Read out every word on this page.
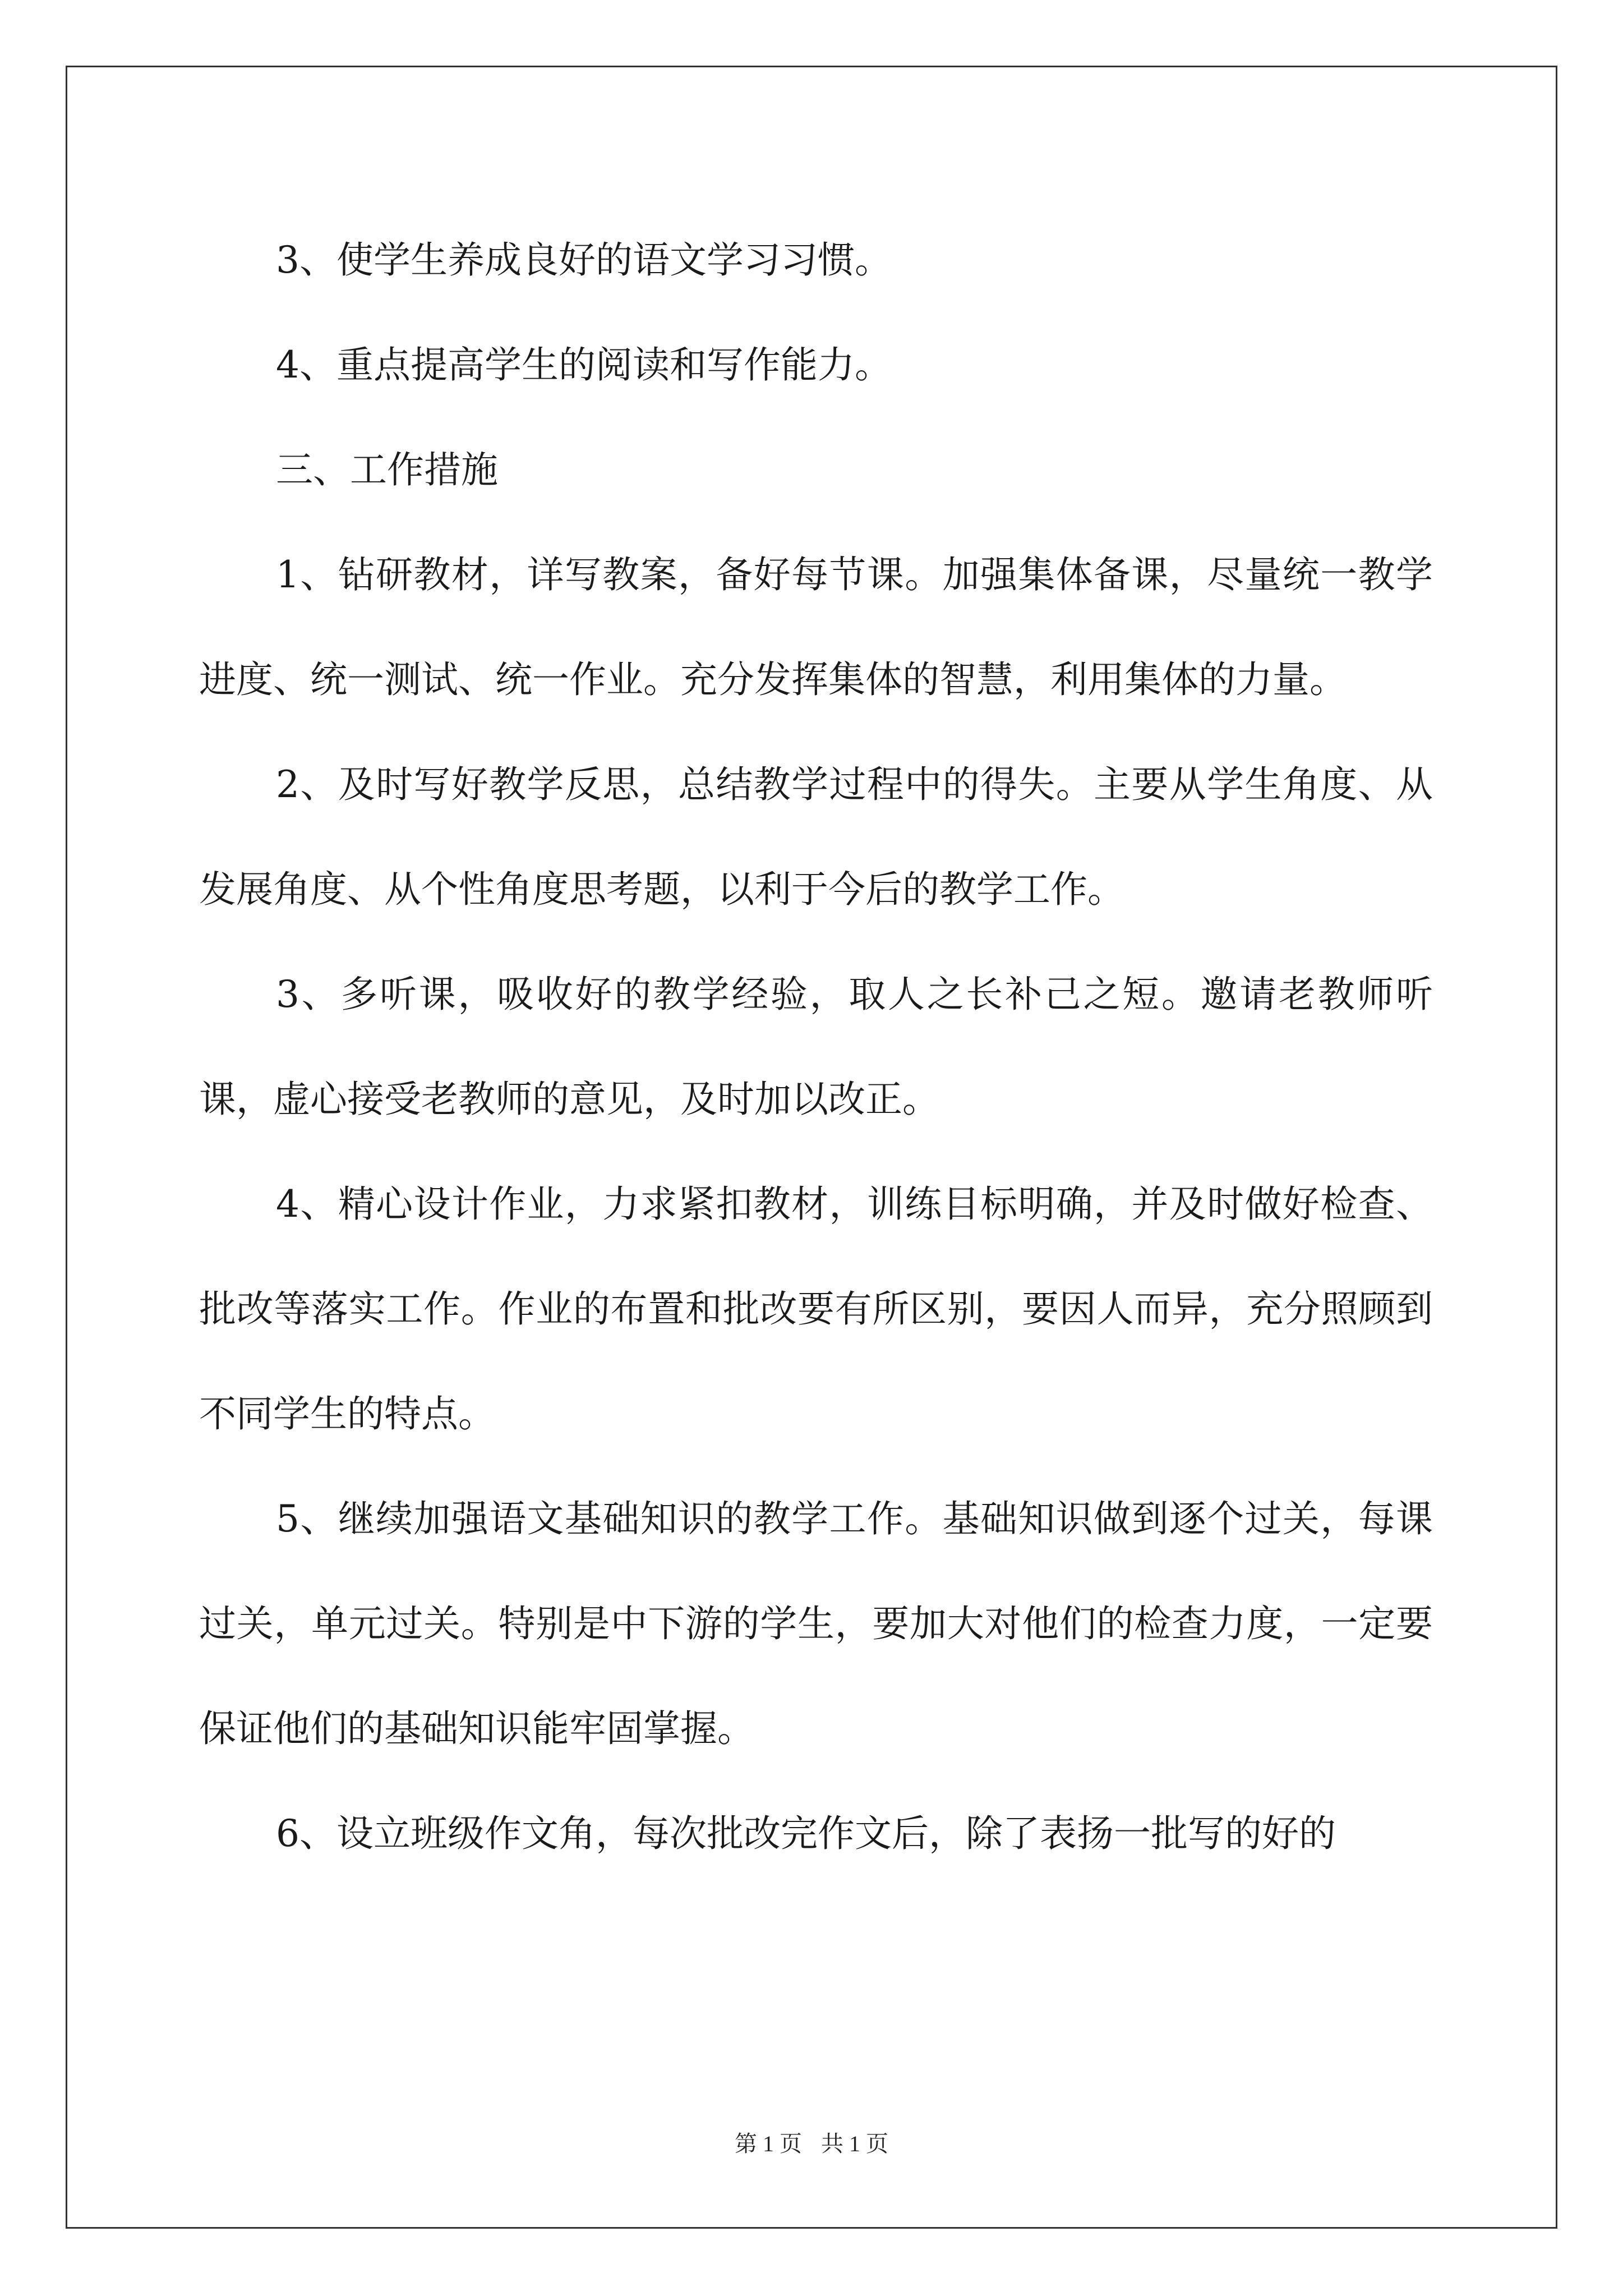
3、使学生养成良好的语文学习习惯。

4、重点提高学生的阅读和写作能力。

三、工作措施

1、钻研教材，详写教案，备好每节课。加强集体备课，尽量统一教学进度、统一测试、统一作业。充分发挥集体的智慧，利用集体的力量。

2、及时写好教学反思，总结教学过程中的得失。主要从学生角度、从发展角度、从个性角度思考题，以利于今后的教学工作。

3、多听课，吸收好的教学经验，取人之长补己之短。邀请老教师听课，虚心接受老教师的意见，及时加以改正。

4、精心设计作业，力求紧扣教材，训练目标明确，并及时做好检查、批改等落实工作。作业的布置和批改要有所区别，要因人而异，充分照顾到不同学生的特点。

5、继续加强语文基础知识的教学工作。基础知识做到逐个过关，每课过关，单元过关。特别是中下游的学生，要加大对他们的检查力度，一定要保证他们的基础知识能牢固掌握。

6、设立班级作文角，每次批改完作文后，除了表扬一批写的好的

第 1 页 共 1 页
